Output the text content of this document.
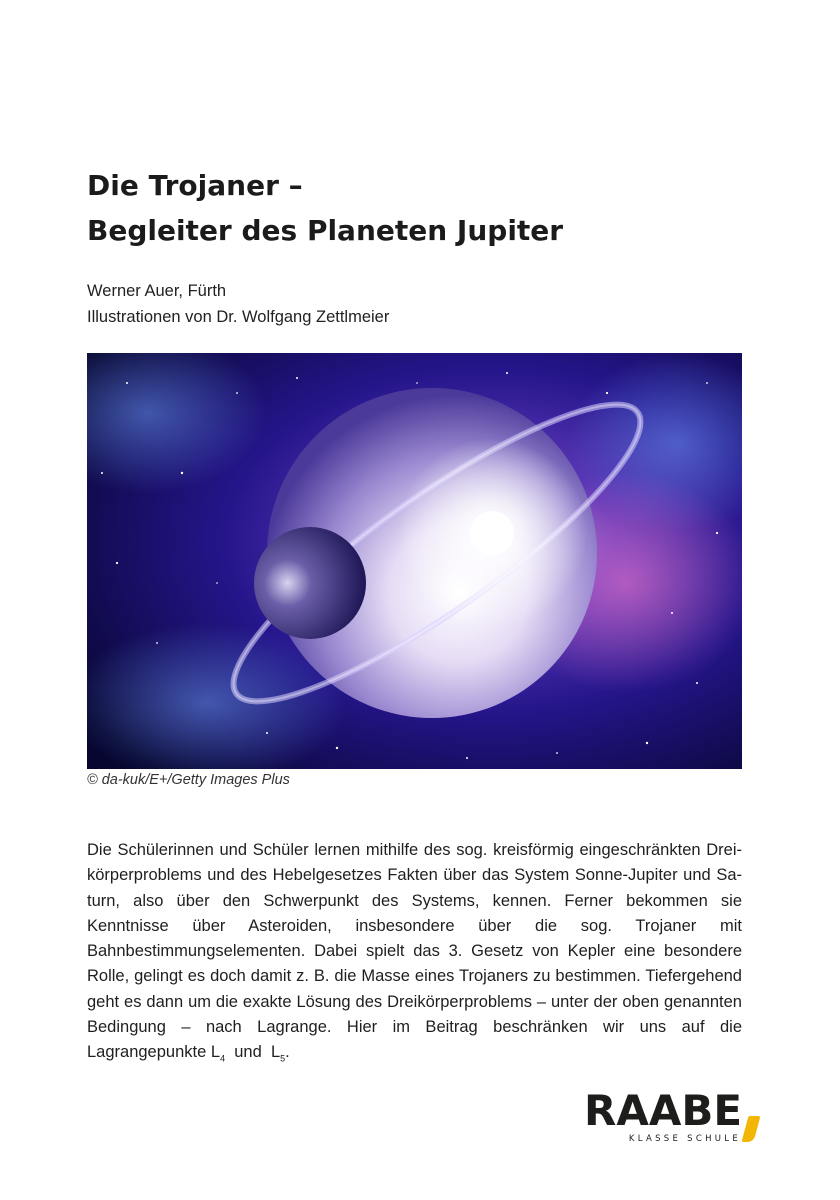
Die Trojaner –
Begleiter des Planeten Jupiter
Werner Auer, Fürth
Illustrationen von Dr. Wolfgang Zettlmeier
© da-kuk/E+/Getty Images Plus

Die Schülerinnen und Schüler lernen mithilfe des sog. kreisförmig eingeschränkten Dreikörperproblems und des Hebelgesetzes Fakten über das System Sonne-Jupiter und Saturn, also über den Schwerpunkt des Systems, kennen. Ferner bekommen sie Kenntnisse über Asteroiden, insbesondere über die sog. Trojaner mit Bahnbestimmungselementen. Dabei spielt das 3. Gesetz von Kepler eine besondere Rolle, gelingt es doch damit z. B. die Masse eines Trojaners zu bestimmen. Tiefergehend geht es dann um die exakte Lösung des Dreikörperproblems – unter der oben genannten Bedingung – nach Lagrange. Hier im Beitrag beschränken wir uns auf die Lagrangepunkte $L_4$ und $L_5$.

RAABE
KLASSE SCHULE
